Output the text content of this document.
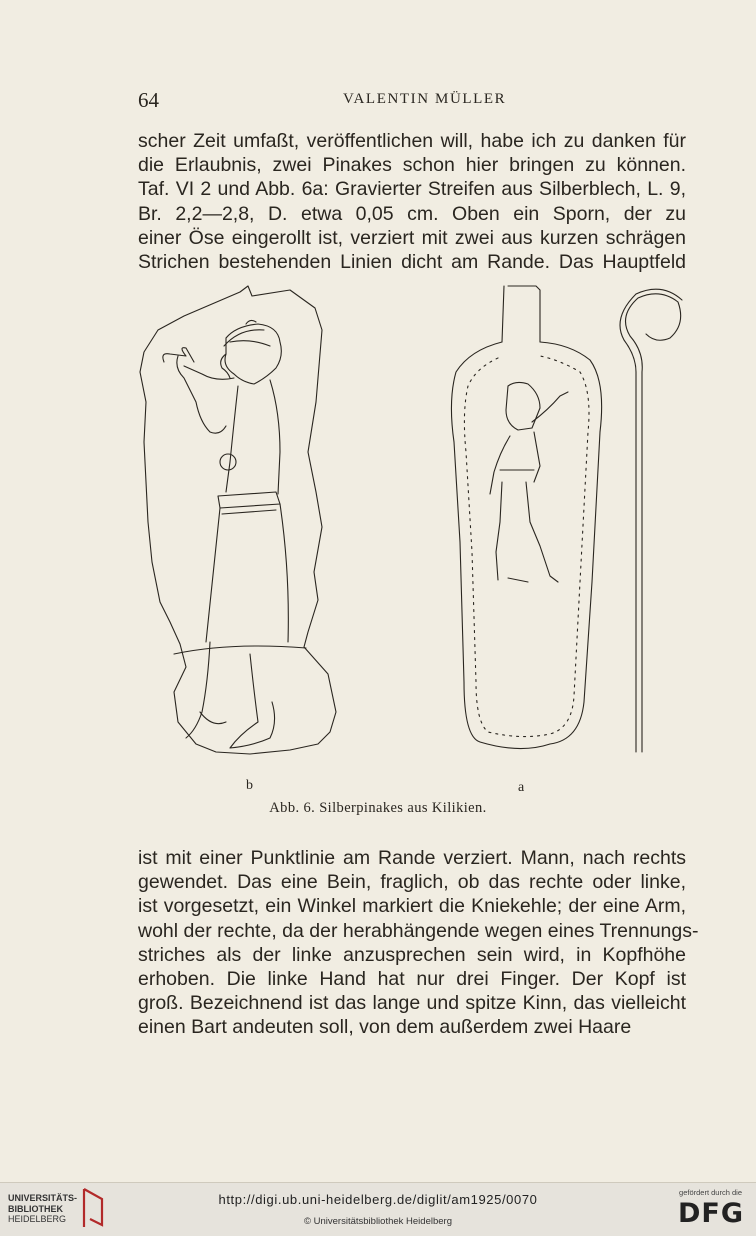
64	VALENTIN MÜLLER
scher Zeit umfaßt, veröffentlichen will, habe ich zu danken für
die Erlaubnis, zwei Pinakes schon hier bringen zu können.
Taf. VI 2 und Abb. 6a: Gravierter Streifen aus Silberblech, L. 9,
Br. 2,2—2,8, D. etwa 0,05 cm. Oben ein Sporn, der zu
einer Öse eingerollt ist, verziert mit zwei aus kurzen schrägen
Strichen bestehenden Linien dicht am Rande. Das Hauptfeld
b	a
Abb. 6. Silberpinakes aus Kilikien.
ist mit einer Punktlinie am Rande verziert. Mann, nach rechts
gewendet. Das eine Bein, fraglich, ob das rechte oder linke,
ist vorgesetzt, ein Winkel markiert die Kniekehle; der eine Arm,
wohl der rechte, da der herabhängende wegen eines Trennungs-
striches als der linke anzusprechen sein wird, in Kopfhöhe
erhoben. Die linke Hand hat nur drei Finger. Der Kopf ist
groß. Bezeichnend ist das lange und spitze Kinn, das vielleicht
einen Bart andeuten soll, von dem außerdem zwei Haare
UNIVERSITÄTS-
BIBLIOTHEK
HEIDELBERG
http://digi.ub.uni-heidelberg.de/diglit/am1925/0070
© Universitätsbibliothek Heidelberg
gefördert durch die
DFG
